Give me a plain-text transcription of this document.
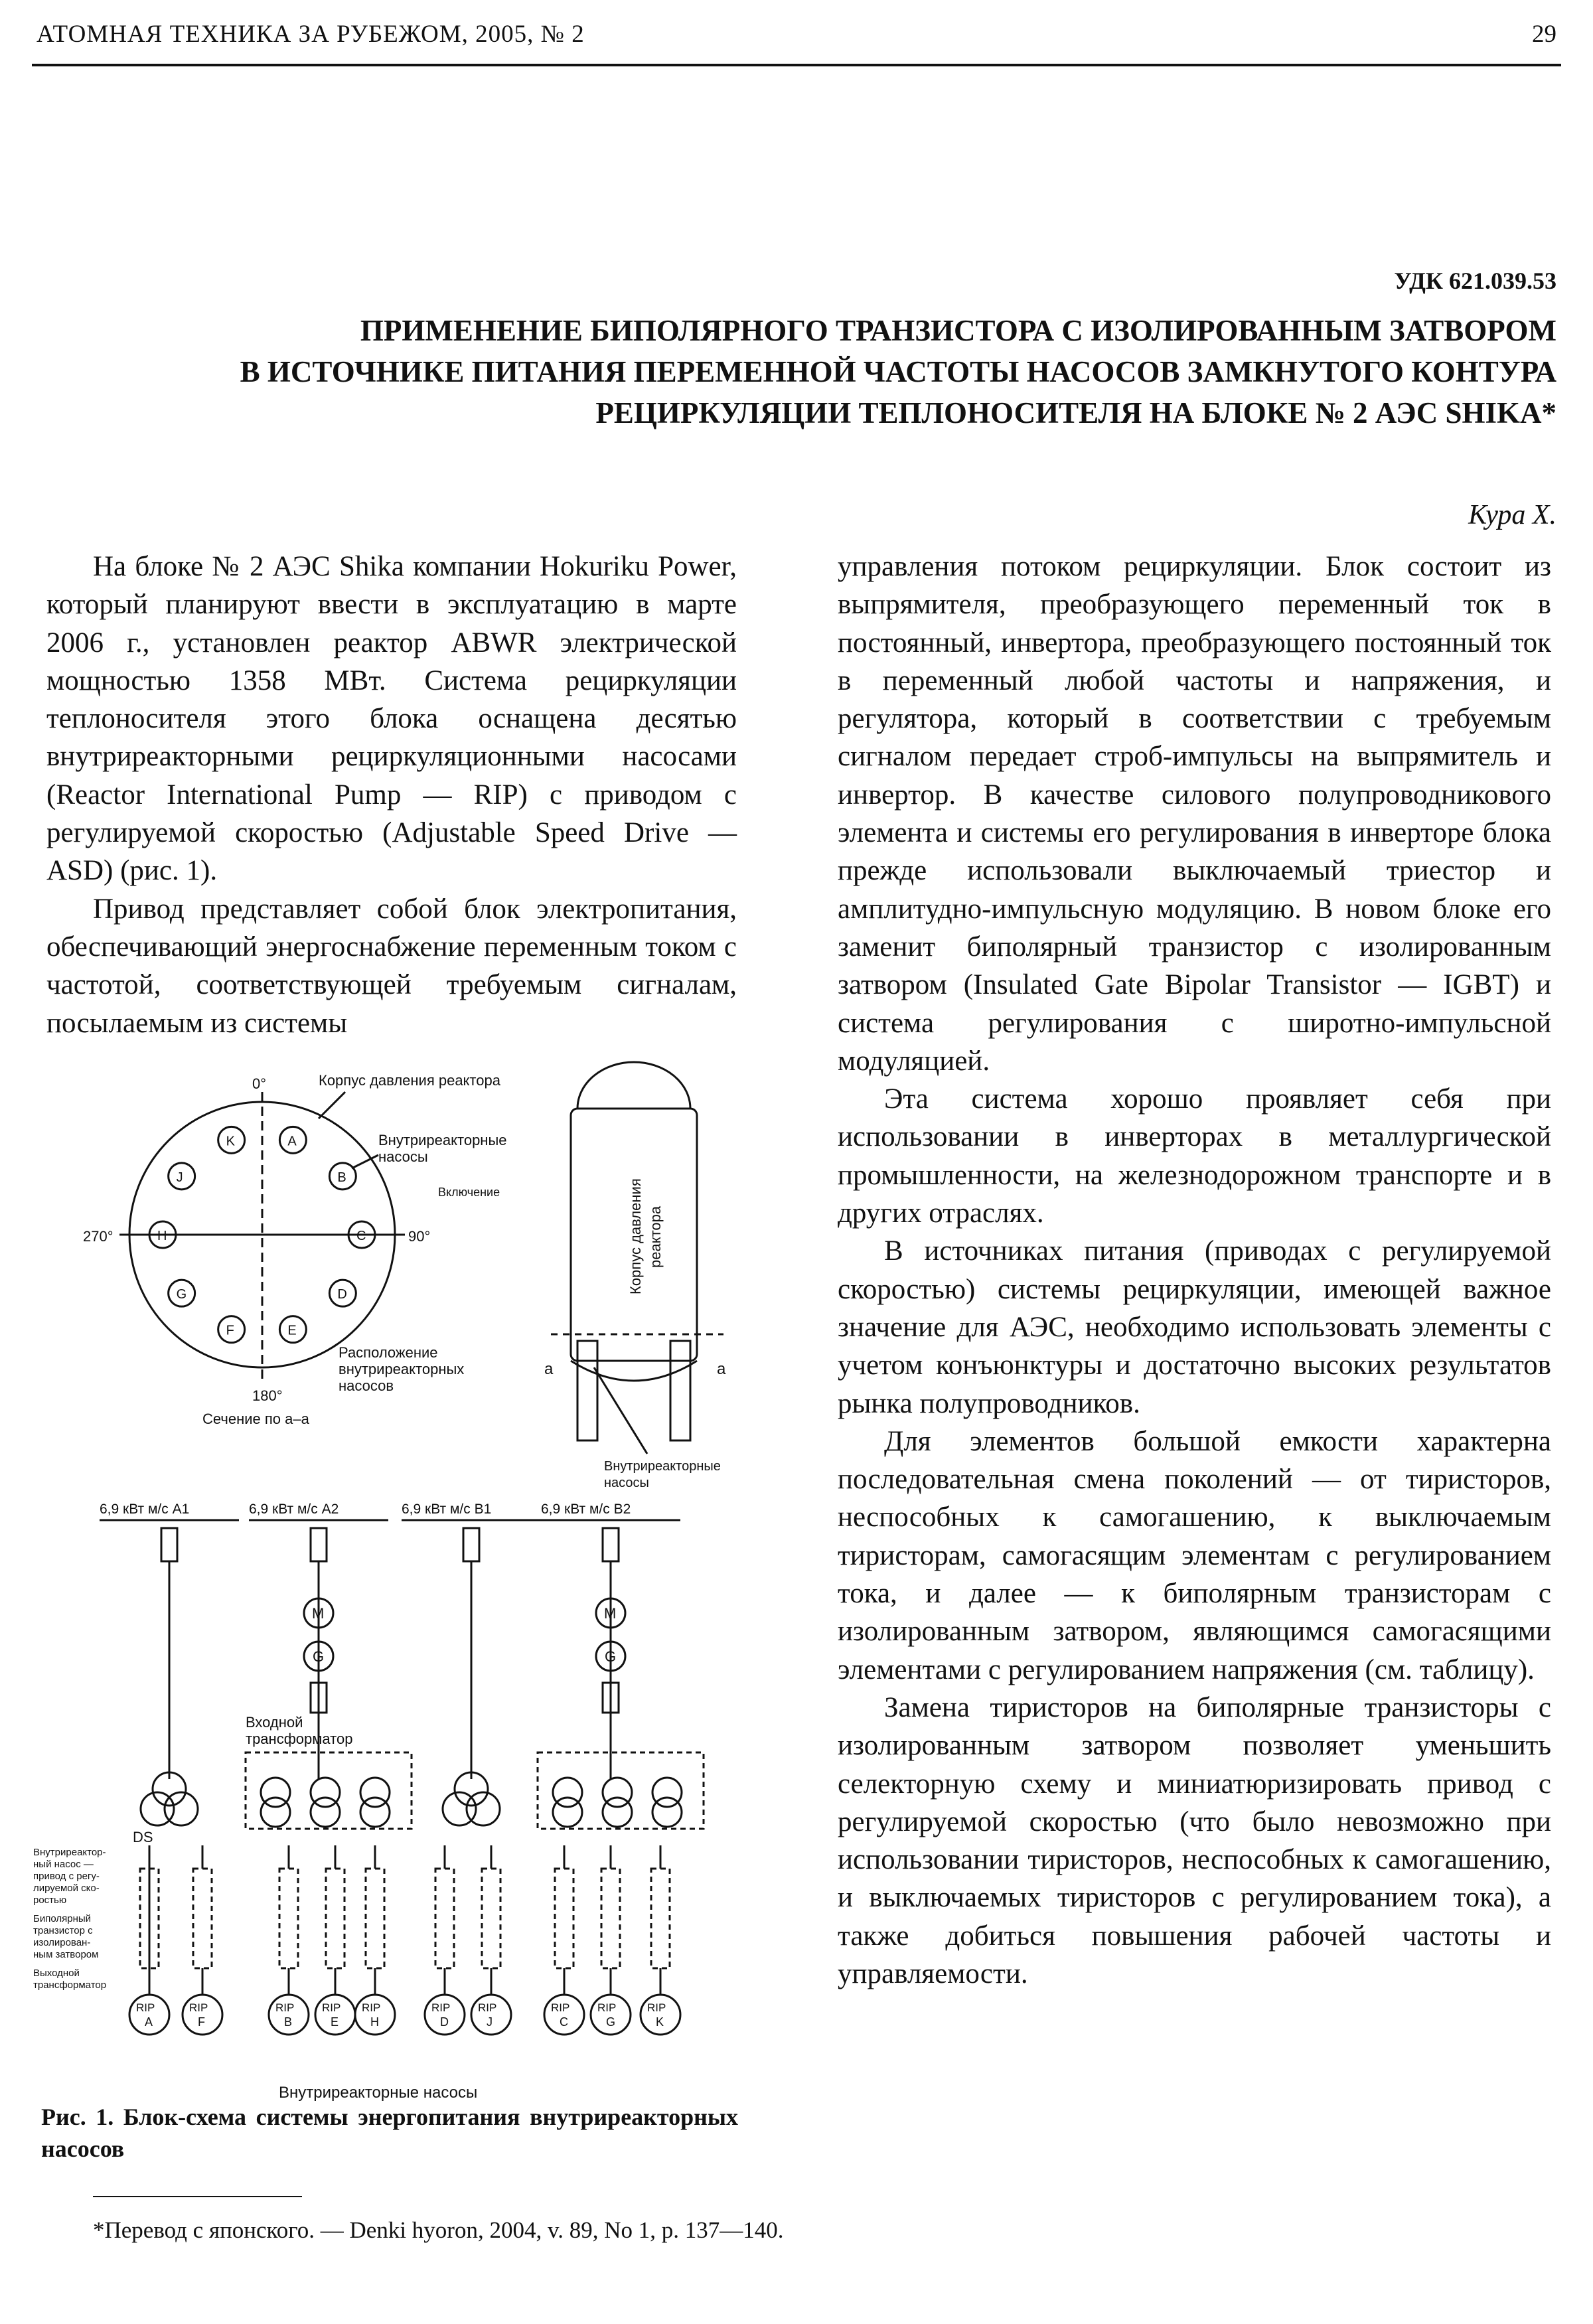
АТОМНАЯ ТЕХНИКА ЗА РУБЕЖОМ, 2005, № 2	29
УДК 621.039.53
ПРИМЕНЕНИЕ БИПОЛЯРНОГО ТРАНЗИСТОРА С ИЗОЛИРОВАННЫМ ЗАТВОРОМ
В ИСТОЧНИКЕ ПИТАНИЯ ПЕРЕМЕННОЙ ЧАСТОТЫ НАСОСОВ ЗАМКНУТОГО КОНТУРА
РЕЦИРКУЛЯЦИИ ТЕПЛОНОСИТЕЛЯ НА БЛОКЕ № 2 АЭС SHIKA*
Кура Х.

На блоке № 2 АЭС Shika компании Hokuriku Power, который планируют ввести в эксплуатацию в марте 2006 г., установлен реактор ABWR электрической мощностью 1358 МВт. Система рециркуляции теплоносителя этого блока оснащена десятью внутриреакторными рециркуляционными насосами (Reactor International Pump — RIP) с приводом с регулируемой скоростью (Adjustable Speed Drive — ASD) (рис. 1).

Привод представляет собой блок электропитания, обеспечивающий энергоснабжение переменным током с частотой, соответствующей требуемым сигналам, посылаемым из системы

управления потоком рециркуляции. Блок состоит из выпрямителя, преобразующего переменный ток в постоянный, инвертора, преобразующего постоянный ток в переменный любой частоты и напряжения, и регулятора, который в соответствии с требуемым сигналом передает строб-импульсы на выпрямитель и инвертор. В качестве силового полупроводникового элемента и системы его регулирования в инверторе блока прежде использовали выключаемый триестор и амплитудно-импульсную модуляцию. В новом блоке его заменит биполярный транзистор с изолированным затвором (Insulated Gate Bipolar Transistor — IGBT) и система регулирования с широтно-импульсной модуляцией.

Эта система хорошо проявляет себя при использовании в инверторах в металлургической промышленности, на железнодорожном транспорте и в других отраслях.

В источниках питания (приводах с регулируемой скоростью) системы рециркуляции, имеющей важное значение для АЭС, необходимо использовать элементы с учетом конъюнктуры и достаточно высоких результатов рынка полупроводников.

Для элементов большой емкости характерна последовательная смена поколений — от тиристоров, неспособных к самогашению, к выключаемым тиристорам, самогасящим элементам с регулированием тока, и далее — к биполярным транзисторам с изолированным затвором, являющимся самогасящими элементами с регулированием напряжения (см. таблицу).

Замена тиристоров на биполярные транзисторы с изолированным затвором позволяет уменьшить селекторную схему и миниатюризировать привод с регулируемой скоростью (что было невозможно при использовании тиристоров, неспособных к самогашению, и выключаемых тиристоров с регулированием тока), а также добиться повышения рабочей частоты и управляемости.

A
B
C
D
E
F
G
H
J
K
0°
90°
180°
270°
Корпус давления реактора
Внутриреакторные
насосы
Включение
Расположение
внутриреакторных
насосов
Сечение по а–а
Корпус давления реактора
а	а
Внутриреакторные
насосы
6,9 кВт м/с A1	6,9 кВт м/с A2
M
G
6,9 кВт м/с B1	6,9 кВт м/с B2
M
G
DS
Входной
трансформатор
Внутриреактор-
ный насос —
привод с регу-
лируемой ско-
ростью
Биполярный
транзистор с
изолирован-
ным затвором
Выходной
трансформатор
RIP
A
RIP
F
RIP
B
RIP
E
RIP
H
RIP
D
RIP
J
RIP
C
RIP
G
RIP
K
Внутриреакторные насосы
Рис. 1. Блок-схема системы энергопитания внутриреакторных насосов
*Перевод с японского. — Denki hyoron, 2004, v. 89, No 1, p. 137—140.
